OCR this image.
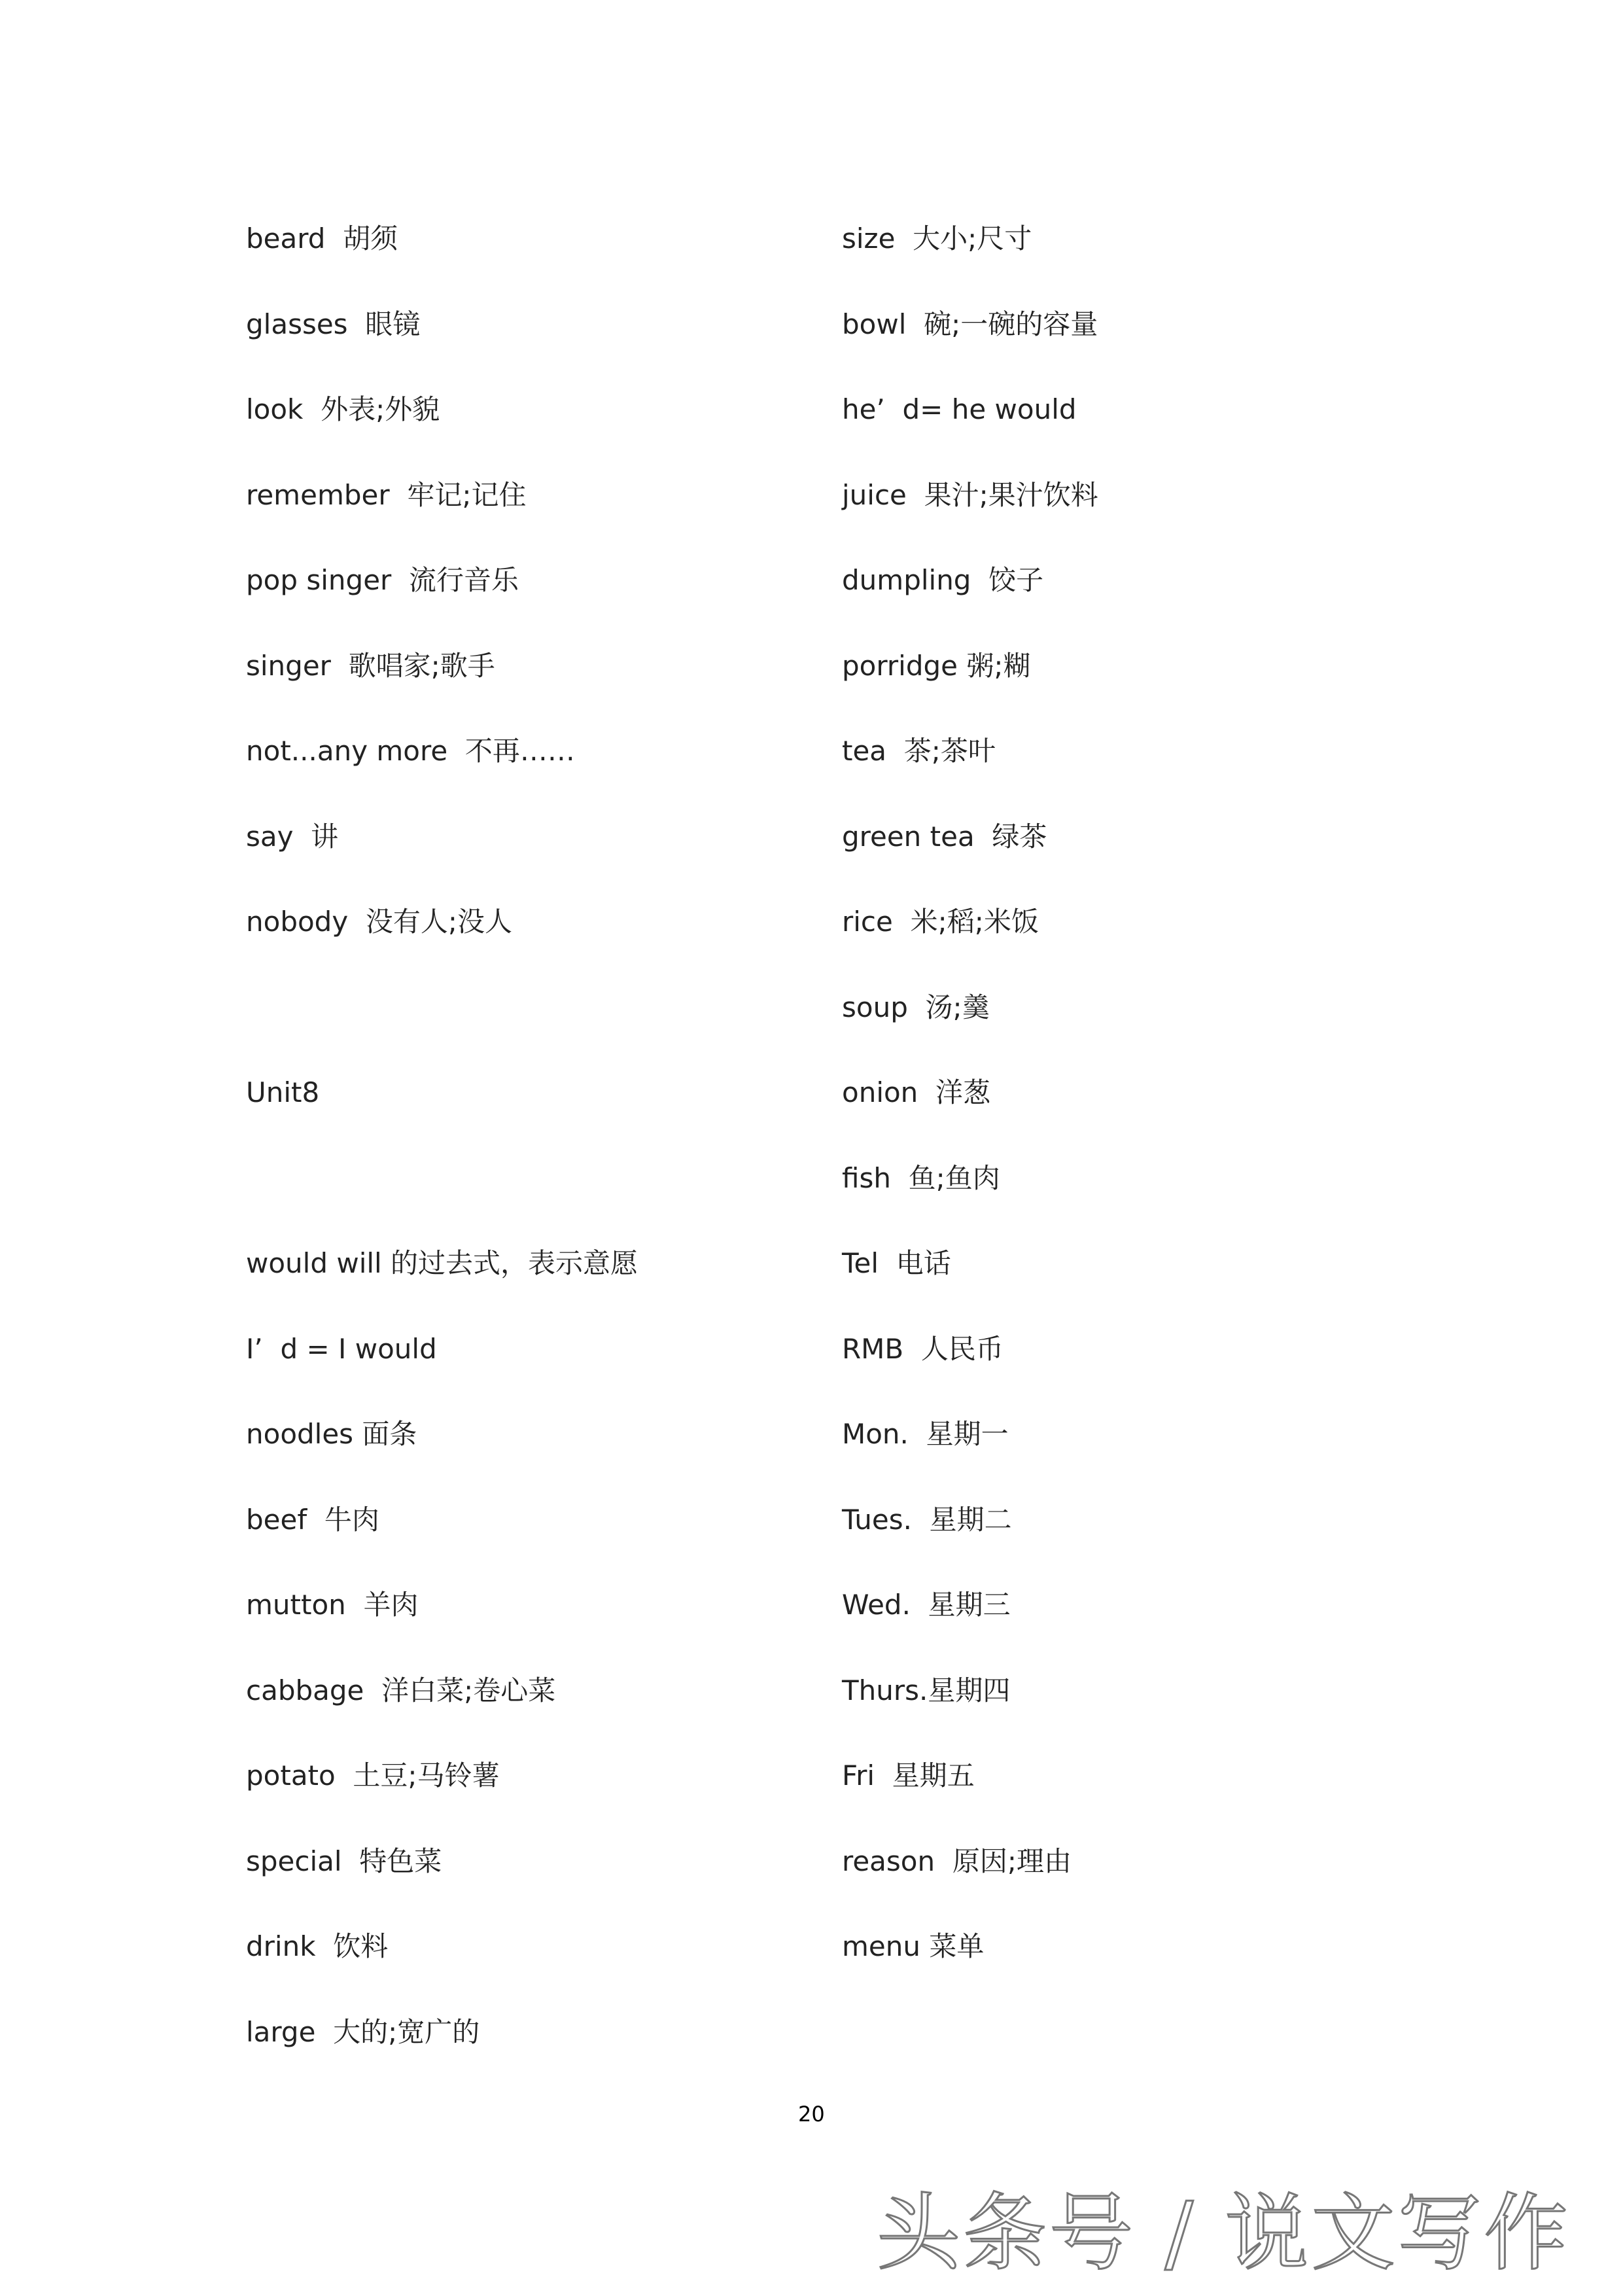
beard  胡须
glasses  眼镜
look  外表;外貌
remember  牢记;记住
pop singer  流行音乐
singer  歌唱家;歌手
not...any more  不再……
say  讲
nobody  没有人;没人
Unit8
would will 的过去式，表示意愿
I’  d = I would
noodles 面条
beef  牛肉
mutton  羊肉
cabbage  洋白菜;卷心菜
potato  土豆;马铃薯
special  特色菜
drink  饮料
large  大的;宽广的
size  大小;尺寸
bowl  碗;一碗的容量
he’  d= he would
juice  果汁;果汁饮料
dumpling  饺子
porridge 粥;糊
tea  茶;茶叶
green tea  绿茶
rice  米;稻;米饭
soup  汤;羹
onion  洋葱
fish  鱼;鱼肉
Tel  电话
RMB  人民币
Mon.  星期一
Tues.  星期二
Wed.  星期三
Thurs.星期四
Fri  星期五
reason  原因;理由
menu 菜单
20
头条号 / 说文写作
